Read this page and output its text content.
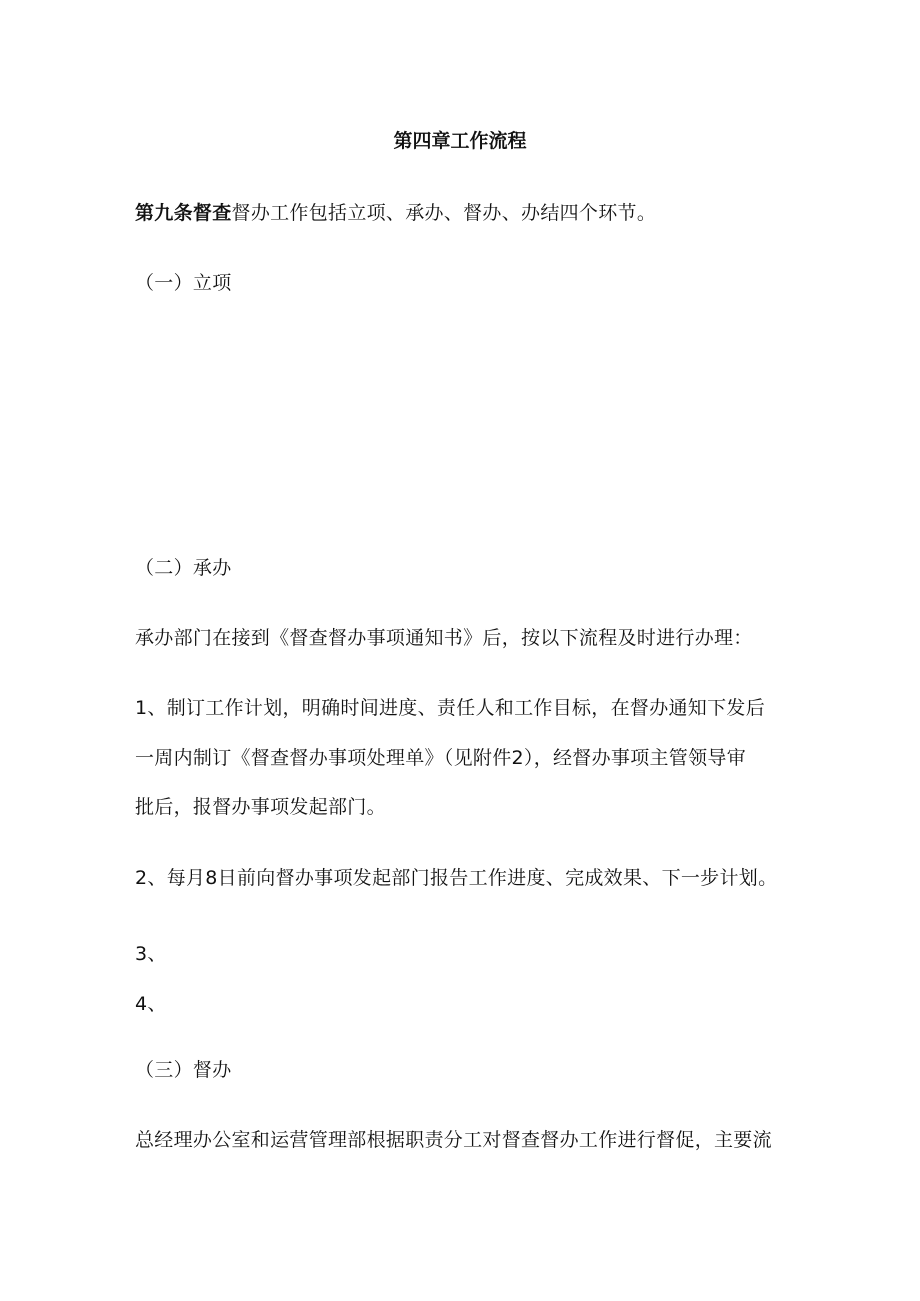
第四章工作流程
第九条督查督办工作包括立项、承办、督办、办结四个环节。
（一）立项
（二）承办
承办部门在接到《督查督办事项通知书》后，按以下流程及时进行办理：
1、制订工作计划，明确时间进度、责任人和工作目标，在督办通知下发后
一周内制订《督查督办事项处理单》（见附件2），经督办事项主管领导审
批后，报督办事项发起部门。
2、每月8日前向督办事项发起部门报告工作进度、完成效果、下一步计划。
3、
4、
（三）督办
总经理办公室和运营管理部根据职责分工对督查督办工作进行督促，主要流
